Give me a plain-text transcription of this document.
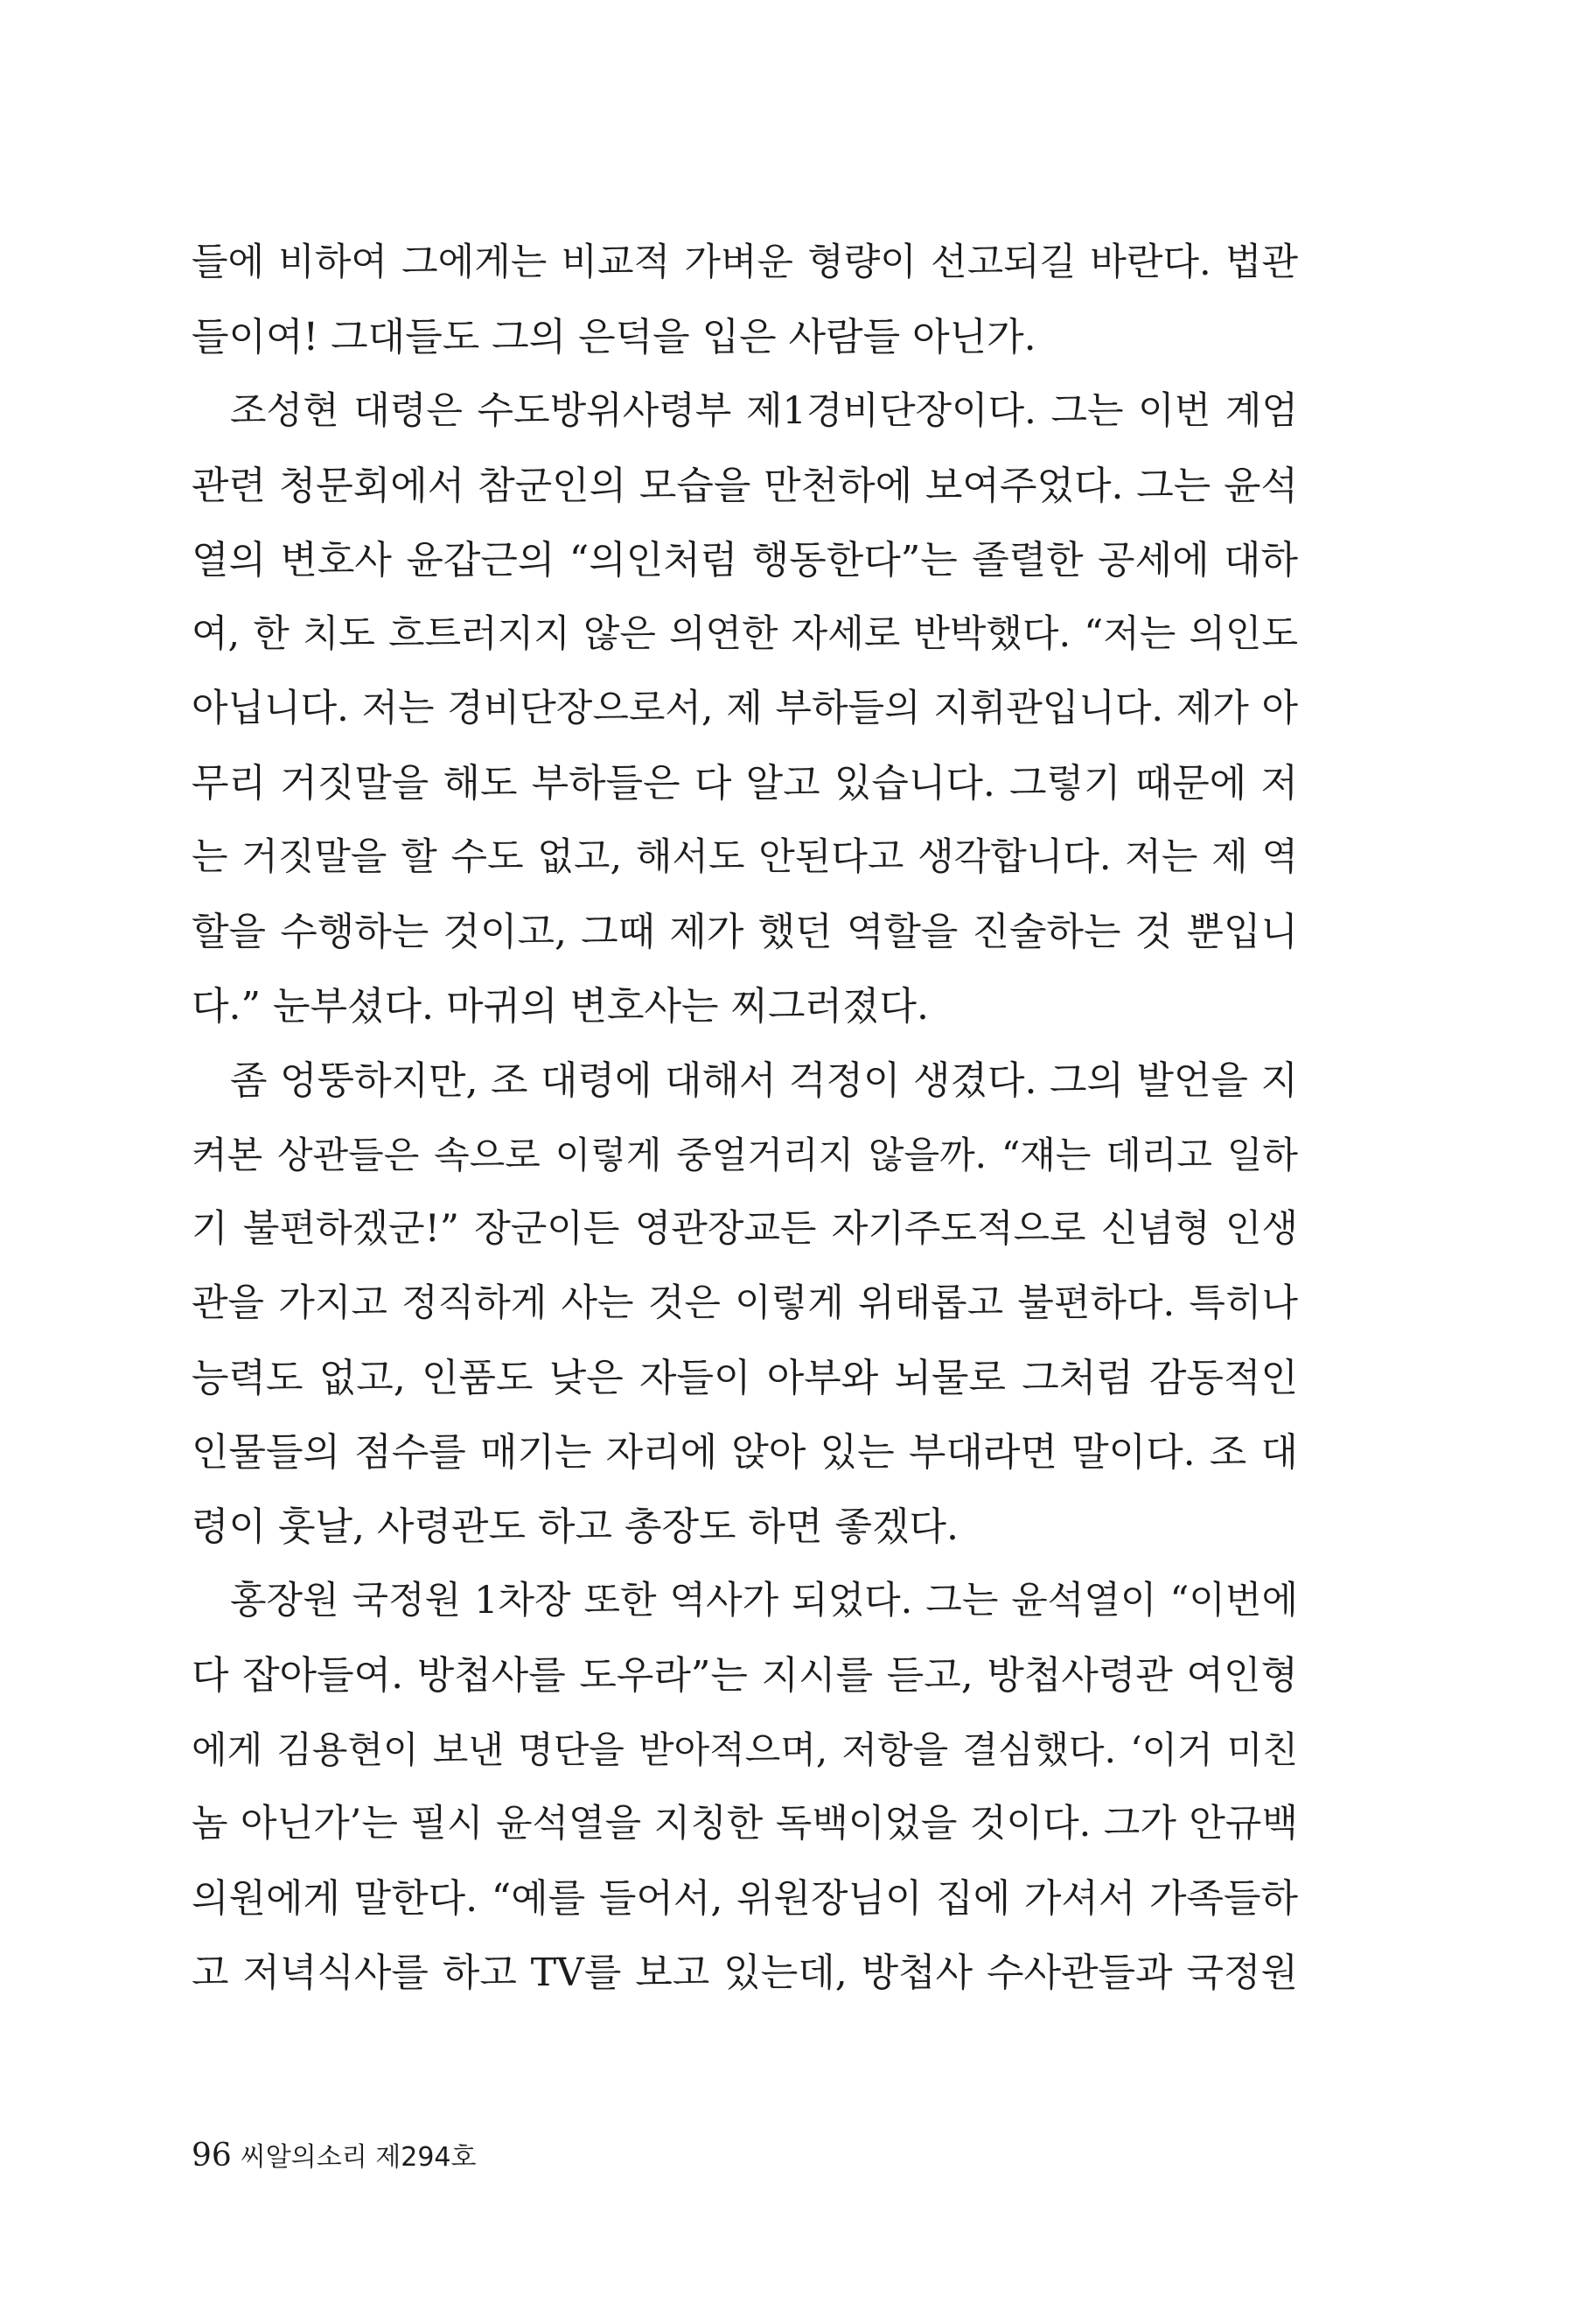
들에 비하여 그에게는 비교적 가벼운 형량이 선고되길 바란다. 법관
들이여! 그대들도 그의 은덕을 입은 사람들 아닌가.
조성현 대령은 수도방위사령부 제1경비단장이다. 그는 이번 계엄
관련 청문회에서 참군인의 모습을 만천하에 보여주었다. 그는 윤석
열의 변호사 윤갑근의 “의인처럼 행동한다”는 졸렬한 공세에 대하
여, 한 치도 흐트러지지 않은 의연한 자세로 반박했다. “저는 의인도
아닙니다. 저는 경비단장으로서, 제 부하들의 지휘관입니다. 제가 아
무리 거짓말을 해도 부하들은 다 알고 있습니다. 그렇기 때문에 저
는 거짓말을 할 수도 없고, 해서도 안된다고 생각합니다. 저는 제 역
할을 수행하는 것이고, 그때 제가 했던 역할을 진술하는 것 뿐입니
다.” 눈부셨다. 마귀의 변호사는 찌그러졌다.
좀 엉뚱하지만, 조 대령에 대해서 걱정이 생겼다. 그의 발언을 지
켜본 상관들은 속으로 이렇게 중얼거리지 않을까. “쟤는 데리고 일하
기 불편하겠군!” 장군이든 영관장교든 자기주도적으로 신념형 인생
관을 가지고 정직하게 사는 것은 이렇게 위태롭고 불편하다. 특히나
능력도 없고, 인품도 낮은 자들이 아부와 뇌물로 그처럼 감동적인
인물들의 점수를 매기는 자리에 앉아 있는 부대라면 말이다. 조 대
령이 훗날, 사령관도 하고 총장도 하면 좋겠다.
홍장원 국정원 1차장 또한 역사가 되었다. 그는 윤석열이 “이번에
다 잡아들여. 방첩사를 도우라”는 지시를 듣고, 방첩사령관 여인형
에게 김용현이 보낸 명단을 받아적으며, 저항을 결심했다. ‘이거 미친
놈 아닌가’는 필시 윤석열을 지칭한 독백이었을 것이다. 그가 안규백
의원에게 말한다. “예를 들어서, 위원장님이 집에 가셔서 가족들하
고 저녁식사를 하고 TV를 보고 있는데, 방첩사 수사관들과 국정원
96 씨알의소리 제294호
